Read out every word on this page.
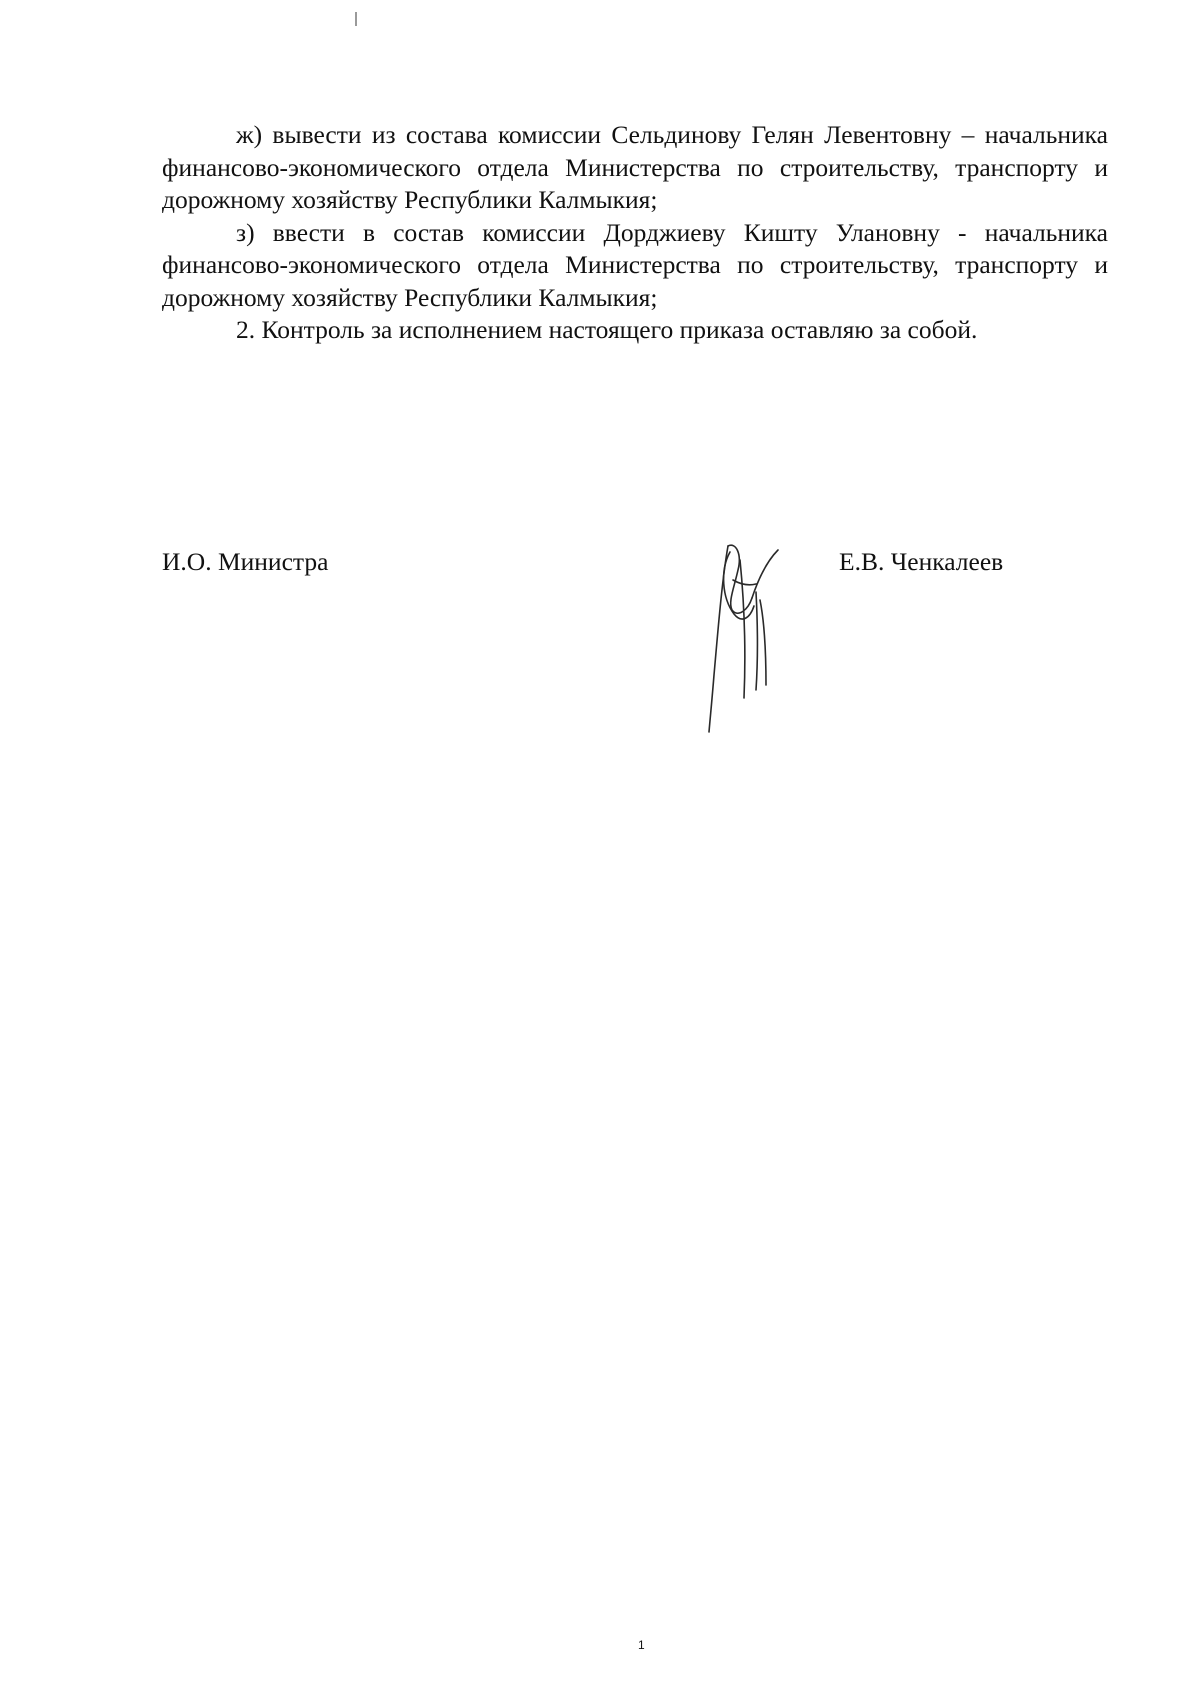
ж) вывести из состава комиссии Сельдинову Гелян Левентовну – начальника финансово-экономического отдела Министерства по строительству, транспорту и дорожному хозяйству Республики Калмыкия;

з) ввести в состав комиссии Дорджиеву Кишту Улановну - начальника финансово-экономического отдела Министерства по строительству, транспорту и дорожному хозяйству Республики Калмыкия;

2. Контроль за исполнением настоящего приказа оставляю за собой.

И.О. Министра	Е.В. Ченкалеев
1
